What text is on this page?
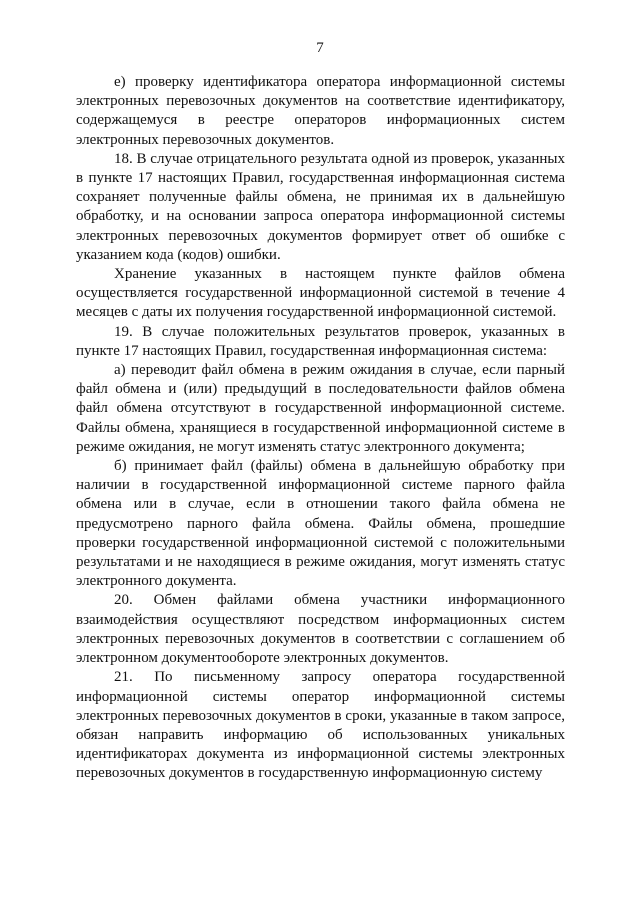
7

е) проверку идентификатора оператора информационной системы электронных перевозочных документов на соответствие идентификатору, содержащемуся в реестре операторов информационных систем электронных перевозочных документов.

18. В случае отрицательного результата одной из проверок, указанных в пункте 17 настоящих Правил, государственная информационная система сохраняет полученные файлы обмена, не принимая их в дальнейшую обработку, и на основании запроса оператора информационной системы электронных перевозочных документов формирует ответ об ошибке с указанием кода (кодов) ошибки.

Хранение указанных в настоящем пункте файлов обмена осуществляется государственной информационной системой в течение 4 месяцев с даты их получения государственной информационной системой.

19. В случае положительных результатов проверок, указанных в пункте 17 настоящих Правил, государственная информационная система:

а) переводит файл обмена в режим ожидания в случае, если парный файл обмена и (или) предыдущий в последовательности файлов обмена файл обмена отсутствуют в государственной информационной системе. Файлы обмена, хранящиеся в государственной информационной системе в режиме ожидания, не могут изменять статус электронного документа;

б) принимает файл (файлы) обмена в дальнейшую обработку при наличии в государственной информационной системе парного файла обмена или в случае, если в отношении такого файла обмена не предусмотрено парного файла обмена. Файлы обмена, прошедшие проверки государственной информационной системой с положительными результатами и не находящиеся в режиме ожидания, могут изменять статус электронного документа.

20. Обмен файлами обмена участники информационного взаимодействия осуществляют посредством информационных систем электронных перевозочных документов в соответствии с соглашением об электронном документообороте электронных документов.

21. По письменному запросу оператора государственной информационной системы оператор информационной системы электронных перевозочных документов в сроки, указанные в таком запросе, обязан направить информацию об использованных уникальных идентификаторах документа из информационной системы электронных перевозочных документов в государственную информационную систему
